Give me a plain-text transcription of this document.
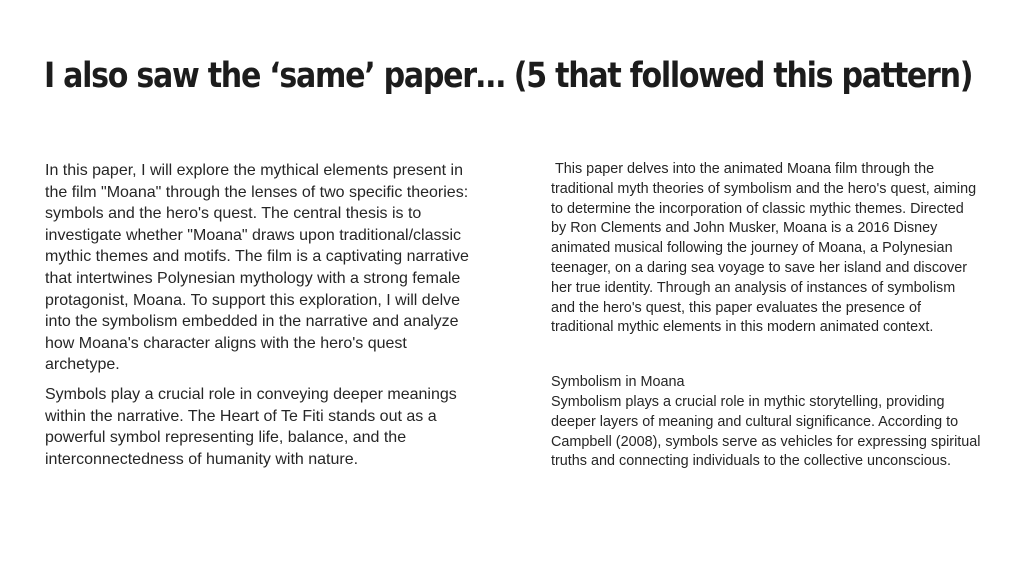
I also saw the ‘same’ paper… (5 that followed this pattern)

In this paper, I will explore the mythical elements present in the film "Moana" through the lenses of two specific theories: symbols and the hero's quest. The central thesis is to investigate whether "Moana" draws upon traditional/classic mythic themes and motifs. The film is a captivating narrative that intertwines Polynesian mythology with a strong female protagonist, Moana. To support this exploration, I will delve into the symbolism embedded in the narrative and analyze how Moana's character aligns with the hero's quest archetype.

Symbols play a crucial role in conveying deeper meanings within the narrative. The Heart of Te Fiti stands out as a powerful symbol representing life, balance, and the interconnectedness of humanity with nature.

This paper delves into the animated Moana film through the traditional myth theories of symbolism and the hero's quest, aiming to determine the incorporation of classic mythic themes. Directed by Ron Clements and John Musker, Moana is a 2016 Disney animated musical following the journey of Moana, a Polynesian teenager, on a daring sea voyage to save her island and discover her true identity. Through an analysis of instances of symbolism and the hero's quest, this paper evaluates the presence of traditional mythic elements in this modern animated context.

Symbolism in Moana
Symbolism plays a crucial role in mythic storytelling, providing deeper layers of meaning and cultural significance. According to Campbell (2008), symbols serve as vehicles for expressing spiritual truths and connecting individuals to the collective unconscious.
